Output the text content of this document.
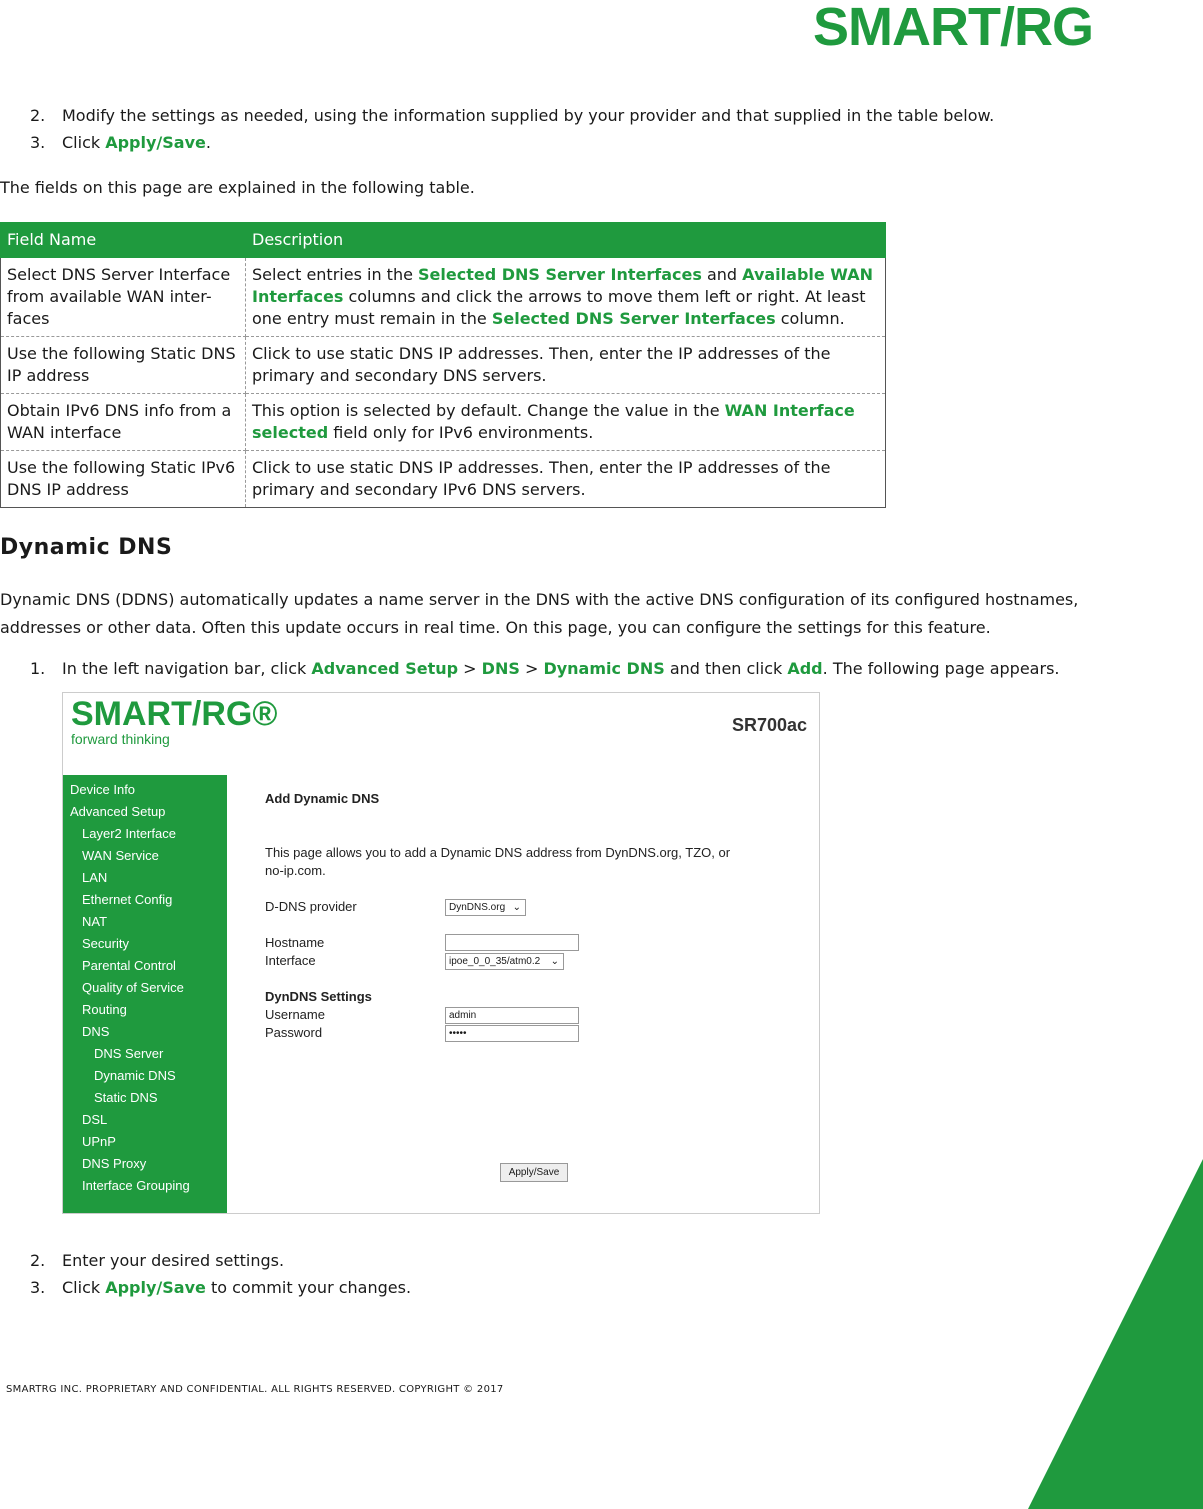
SMART/RG
2. Modify the settings as needed, using the information supplied by your provider and that supplied in the table below.
3. Click Apply/Save.
The fields on this page are explained in the following table.
Field Name	Description
Select DNS Server Interface from available WAN inter-faces	Select entries in the Selected DNS Server Interfaces and Available WAN Interfaces columns and click the arrows to move them left or right. At least one entry must remain in the Selected DNS Server Interfaces column.
Use the following Static DNS IP address	Click to use static DNS IP addresses. Then, enter the IP addresses of the primary and secondary DNS servers.
Obtain IPv6 DNS info from a WAN interface	This option is selected by default. Change the value in the WAN Interface selected field only for IPv6 environments.
Use the following Static IPv6 DNS IP address	Click to use static DNS IP addresses. Then, enter the IP addresses of the primary and secondary IPv6 DNS servers.
Dynamic DNS
Dynamic DNS (DDNS) automatically updates a name server in the DNS with the active DNS configuration of its configured hostnames, addresses or other data. Often this update occurs in real time. On this page, you can configure the settings for this feature.
1. In the left navigation bar, click Advanced Setup > DNS > Dynamic DNS and then click Add. The following page appears.
SMART/RG®
forward thinking
SR700ac
Device Info
Advanced Setup
Layer2 Interface
WAN Service
LAN
Ethernet Config
NAT
Security
Parental Control
Quality of Service
Routing
DNS
DNS Server
Dynamic DNS
Static DNS
DSL
UPnP
DNS Proxy
Interface Grouping
Add Dynamic DNS
This page allows you to add a Dynamic DNS address from DynDNS.org, TZO, or
no-ip.com.
D-DNS provider	DynDNS.org ⌄
Hostname
Interface	ipoe_0_0_35/atm0.2 ⌄
DynDNS Settings
Username	admin
Password	•••••
Apply/Save
2. Enter your desired settings.
3. Click Apply/Save to commit your changes.
SMARTRG INC. PROPRIETARY AND CONFIDENTIAL. ALL RIGHTS RESERVED. COPYRIGHT © 2017
